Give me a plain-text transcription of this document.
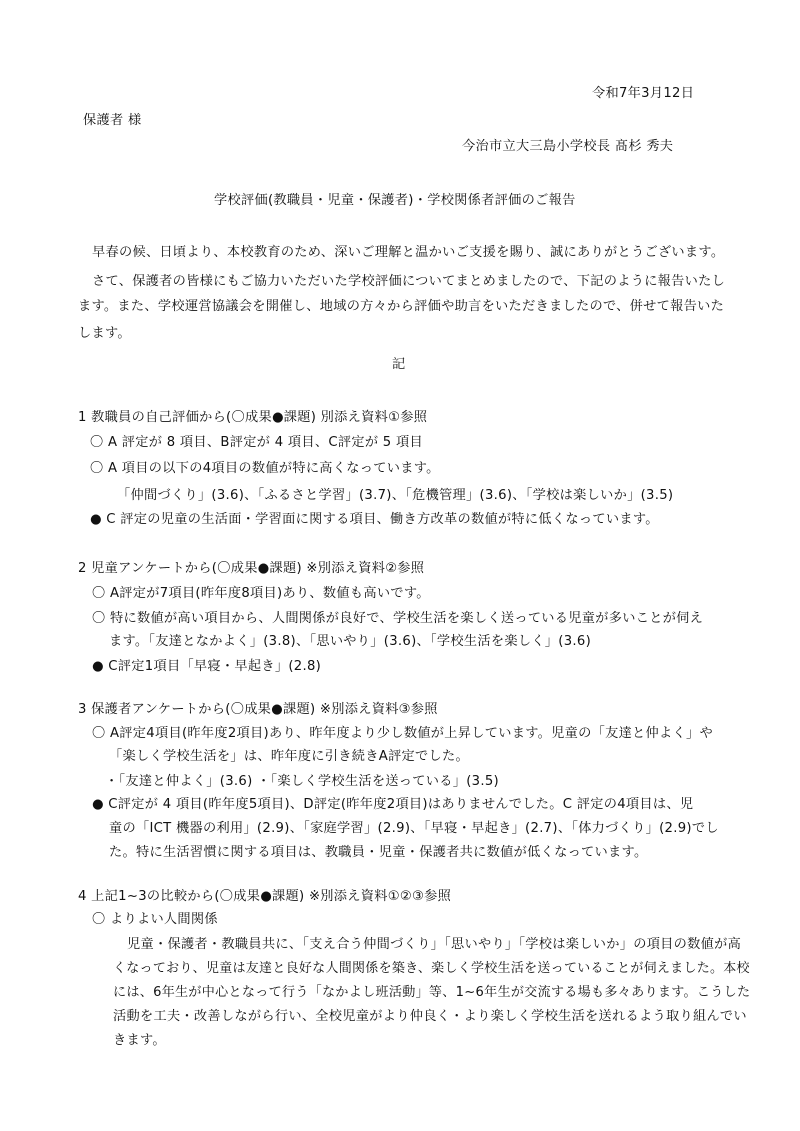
令和7年3月12日
保護者 様
今治市立大三島小学校長 髙杉 秀夫
学校評価(教職員・児童・保護者)・学校関係者評価のご報告
早春の候、日頃より、本校教育のため、深いご理解と温かいご支援を賜り、誠にありがとうございます。
さて、保護者の皆様にもご協力いただいた学校評価についてまとめましたので、下記のように報告いたし
ます。また、学校運営協議会を開催し、地域の方々から評価や助言をいただきましたので、併せて報告いた
します。
記
1 教職員の自己評価から(〇成果●課題) 別添え資料①参照
〇 A 評定が 8 項目、B評定が 4 項目、C評定が 5 項目
〇 A 項目の以下の4項目の数値が特に高くなっています。
「仲間づくり」(3.6)、「ふるさと学習」(3.7)、「危機管理」(3.6)、「学校は楽しいか」(3.5)
● C 評定の児童の生活面・学習面に関する項目、働き方改革の数値が特に低くなっています。
2 児童アンケートから(〇成果●課題) ※別添え資料②参照
〇 A評定が7項目(昨年度8項目)あり、数値も高いです。
〇 特に数値が高い項目から、人間関係が良好で、学校生活を楽しく送っている児童が多いことが伺え
ます。「友達となかよく」(3.8)、「思いやり」(3.6)、「学校生活を楽しく」(3.6)
● C評定1項目「早寝・早起き」(2.8)
3 保護者アンケートから(〇成果●課題) ※別添え資料③参照
〇 A評定4項目(昨年度2項目)あり、昨年度より少し数値が上昇しています。児童の「友達と仲よく」や
「楽しく学校生活を」は、昨年度に引き続きA評定でした。
・「友達と仲よく」(3.6) ・「楽しく学校生活を送っている」(3.5)
● C評定が 4 項目(昨年度5項目)、D評定(昨年度2項目)はありませんでした。C 評定の4項目は、児
童の「ICT 機器の利用」(2.9)、「家庭学習」(2.9)、「早寝・早起き」(2.7)、「体力づくり」(2.9)でし
た。特に生活習慣に関する項目は、教職員・児童・保護者共に数値が低くなっています。
4 上記1~3の比較から(〇成果●課題) ※別添え資料①②③参照
〇 よりよい人間関係
児童・保護者・教職員共に、「支え合う仲間づくり」「思いやり」「学校は楽しいか」の項目の数値が高
くなっており、児童は友達と良好な人間関係を築き、楽しく学校生活を送っていることが伺えました。本校
には、6年生が中心となって行う「なかよし班活動」等、1~6年生が交流する場も多々あります。こうした
活動を工夫・改善しながら行い、全校児童がより仲良く・より楽しく学校生活を送れるよう取り組んでい
きます。
